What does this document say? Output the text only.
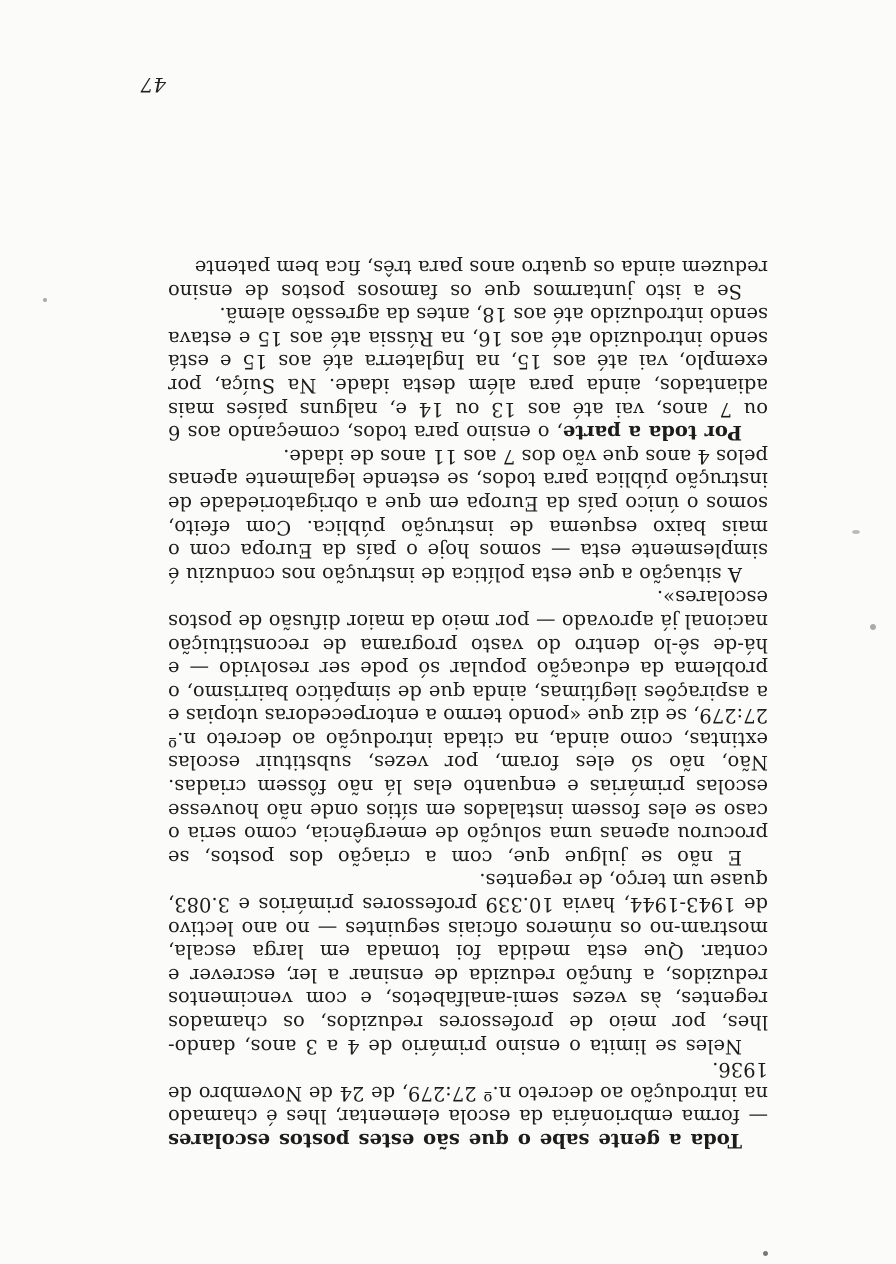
Toda a gente sabe o que são estes postos escolares — forma embrionária da escola elementar, lhes é chamado na introdução ao decreto n.º 27:279, de 24 de Novembro de 1936.

Neles se limita o ensino primário de 4 a 3 anos, dando-lhes, por meio de professores reduzidos, os chamados regentes, às vezes semi-analfabetos, e com vencimentos reduzidos, a função reduzida de ensinar a ler, escrever e contar. Que esta medida foi tomada em larga escala, mostram-no os números oficiais seguintes — no ano lectivo de 1943-1944, havia 10.339 professores primários e 3.083, quase um terço, de regentes.

E não se julgue que, com a criação dos postos, se procurou apenas uma solução de emergência, como seria o caso se eles fossem instalados em sítios onde não houvesse escolas primárias e enquanto elas lá não fôssem criadas. Não, não só eles foram, por vezes, substituir escolas extintas, como ainda, na citada introdução ao decreto n.º 27:279, se diz que «pondo termo a entorpecedoras utopias e a aspirações ilegítimas, ainda que de simpático bairrismo, o problema da educação popular só pode ser resolvido — e há-de sê-lo dentro do vasto programa de reconstituição nacional já aprovado — por meio da maior difusão de postos escolares».

A situação a que esta política de instrução nos conduziu é simplesmente esta — somos hoje o país da Europa com o mais baixo esquema de instrução pública. Com efeito, somos o único país da Europa em que a obrigatoriedade de instrução pública para todos, se estende legalmente apenas pelos 4 anos que vão dos 7 aos 11 anos de idade.

Por toda a parte, o ensino para todos, começando aos 6 ou 7 anos, vai até aos 13 ou 14 e, nalguns países mais adiantados, ainda para além desta idade. Na Suíça, por exemplo, vai até aos 15, na Inglaterra até aos 15 e está sendo introduzido até aos 16, na Rússia até aos 15 e estava sendo introduzido até aos 18, antes da agressão alemã.

Se a isto juntarmos que os famosos postos de ensino reduzem ainda os quatro anos para três, fica bem patente

47
